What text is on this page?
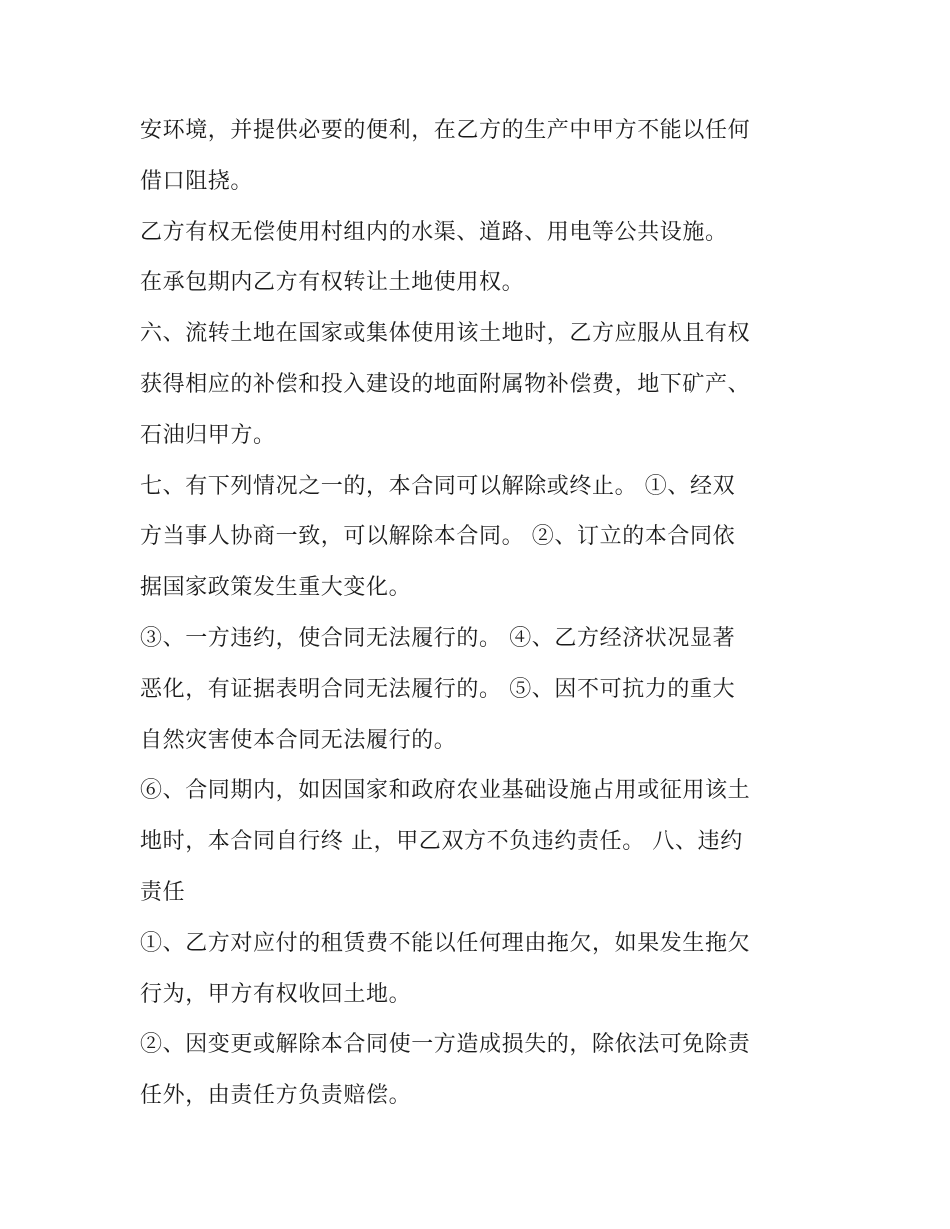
安环境，并提供必要的便利，在乙方的生产中甲方不能以任何
借口阻挠。
乙方有权无偿使用村组内的水渠、道路、用电等公共设施。
在承包期内乙方有权转让土地使用权。
六、流转土地在国家或集体使用该土地时，乙方应服从且有权
获得相应的补偿和投入建设的地面附属物补偿费，地下矿产、
石油归甲方。
七、有下列情况之一的，本合同可以解除或终止。 ①、经双
方当事人协商一致，可以解除本合同。 ②、订立的本合同依
据国家政策发生重大变化。
③、一方违约，使合同无法履行的。 ④、乙方经济状况显著
恶化，有证据表明合同无法履行的。 ⑤、因不可抗力的重大
自然灾害使本合同无法履行的。
⑥、合同期内，如因国家和政府农业基础设施占用或征用该土
地时，本合同自行终 止，甲乙双方不负违约责任。 八、违约
责任
①、乙方对应付的租赁费不能以任何理由拖欠，如果发生拖欠
行为，甲方有权收回土地。
②、因变更或解除本合同使一方造成损失的，除依法可免除责
任外，由责任方负责赔偿。
